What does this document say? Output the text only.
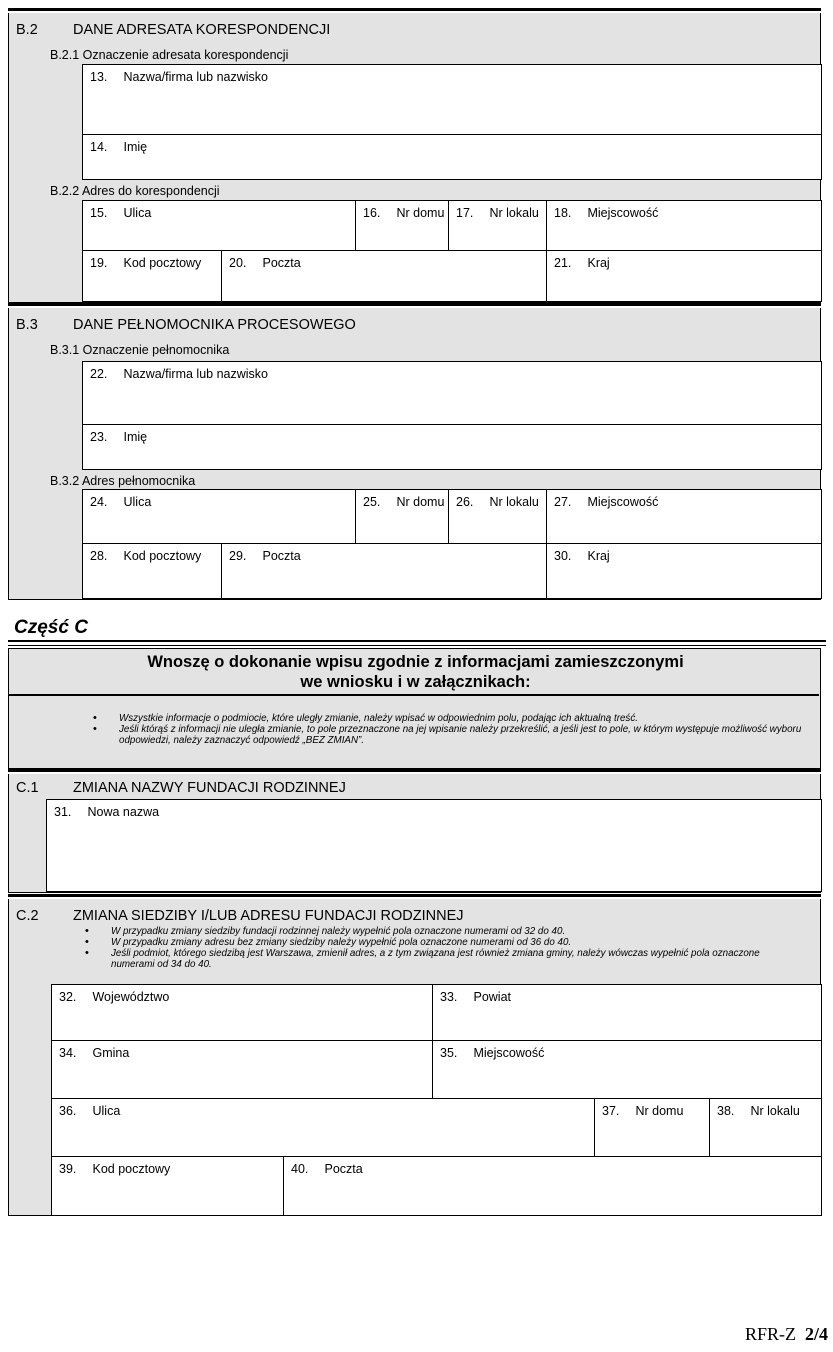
B.2 DANE ADRESATA KORESPONDENCJI
B.2.1 Oznaczenie adresata korespondencji
13. Nazwa/firma lub nazwisko
14. Imię
B.2.2 Adres do korespondencji
15. Ulica	16. Nr domu 17. Nr lokalu 18. Miejscowość
19. Kod pocztowy 20. Poczta	21. Kraj
B.3 DANE PEŁNOMOCNIKA PROCESOWEGO
B.3.1 Oznaczenie pełnomocnika
22. Nazwa/firma lub nazwisko
23. Imię
B.3.2 Adres pełnomocnika
24. Ulica	25. Nr domu 26. Nr lokalu 27. Miejscowość
28. Kod pocztowy 29. Poczta	30. Kraj
Część C
Wnoszę o dokonanie wpisu zgodnie z informacjami zamieszczonymi
we wniosku i w załącznikach:
• Wszystkie informacje o podmiocie, które uległy zmianie, należy wpisać w odpowiednim polu, podając ich aktualną treść.
• Jeśli którąś z informacji nie uległa zmianie, to pole przeznaczone na jej wpisanie należy przekreślić, a jeśli jest to pole, w którym występuje możliwość wyboru odpowiedzi, należy zaznaczyć odpowiedź „BEZ ZMIAN”.
C.1 ZMIANA NAZWY FUNDACJI RODZINNEJ
31. Nowa nazwa
C.2 ZMIANA SIEDZIBY I/LUB ADRESU FUNDACJI RODZINNEJ
• W przypadku zmiany siedziby fundacji rodzinnej należy wypełnić pola oznaczone numerami od 32 do 40.
• W przypadku zmiany adresu bez zmiany siedziby należy wypełnić pola oznaczone numerami od 36 do 40.
• Jeśli podmiot, którego siedzibą jest Warszawa, zmienił adres, a z tym związana jest również zmiana gminy, należy wówczas wypełnić pola oznaczone numerami od 34 do 40.
32. Województwo	33. Powiat
34. Gmina	35. Miejscowość
36. Ulica	37. Nr domu	38. Nr lokalu
39. Kod pocztowy	40. Poczta
RFR-Z 2/4
